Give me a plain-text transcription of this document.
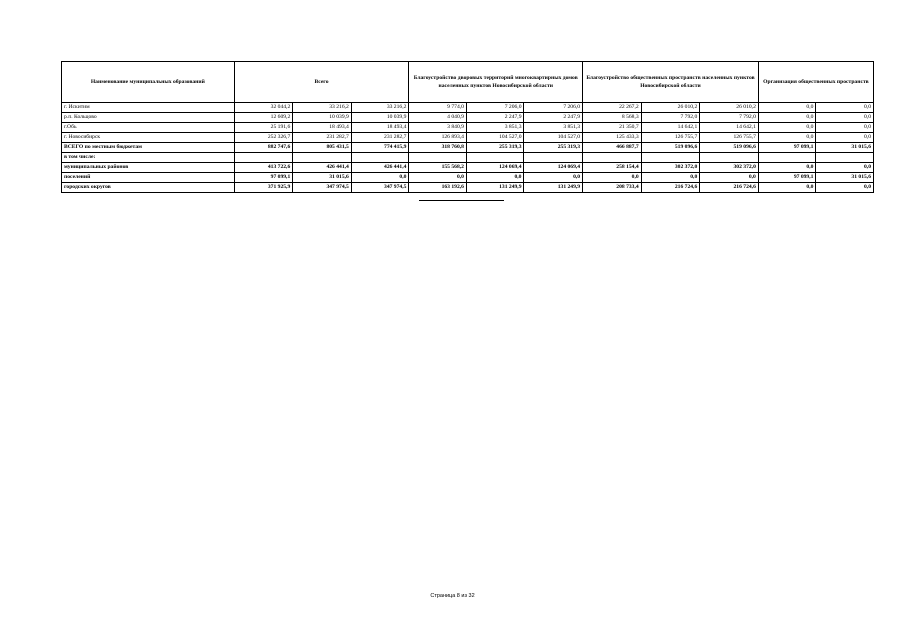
Наименование муниципальных образований	Всего			Благоустройство дворовых территорий многоквартирных домов населенных пунктов Новосибирской области			Благоустройство общественных пространств населенных пунктов Новосибирской области			Организация общественных пространств	
г. Искитим	32 044,2	33 216,2	33 216,2	9 774,0	7 206,0	7 206,0	22 267,2	26 010,2	26 010,2	0,0	0,0
р.п. Кольцово	12 609,2	10 039,9	10 039,9	4 040,9	2 247,9	2 247,9	8 568,3	7 792,0	7 792,0	0,0	0,0
г.Обь	25 191,6	18 493,4	18 493,4	3 840,9	3 851,3	3 851,3	21 350,7	14 642,1	14 642,1	0,0	0,0
г. Новосибирск	252 326,7	231 282,7	231 282,7	126 893,4	104 527,0	104 527,0	125 433,3	126 755,7	126 755,7	0,0	0,0
ВСЕГО по местным бюджетам	882 747,6	805 431,5	774 415,9	318 760,8	255 319,3	255 319,3	466 887,7	519 096,6	519 096,6	97 099,1	31 015,6
в том числе:											
муниципальных районов	413 722,6	426 441,4	426 441,4	155 568,2	124 069,4	124 069,4	258 154,4	302 372,0	302 372,0	0,0	0,0
поселений	97 099,1	31 015,6	0,0	0,0	0,0	0,0	0,0	0,0	0,0	97 099,1	31 015,6
городских округов	371 925,9	347 974,5	347 974,5	163 192,6	131 249,9	131 249,9	208 733,4	216 724,6	216 724,6	0,0	0,0
Страница 8 из 32
